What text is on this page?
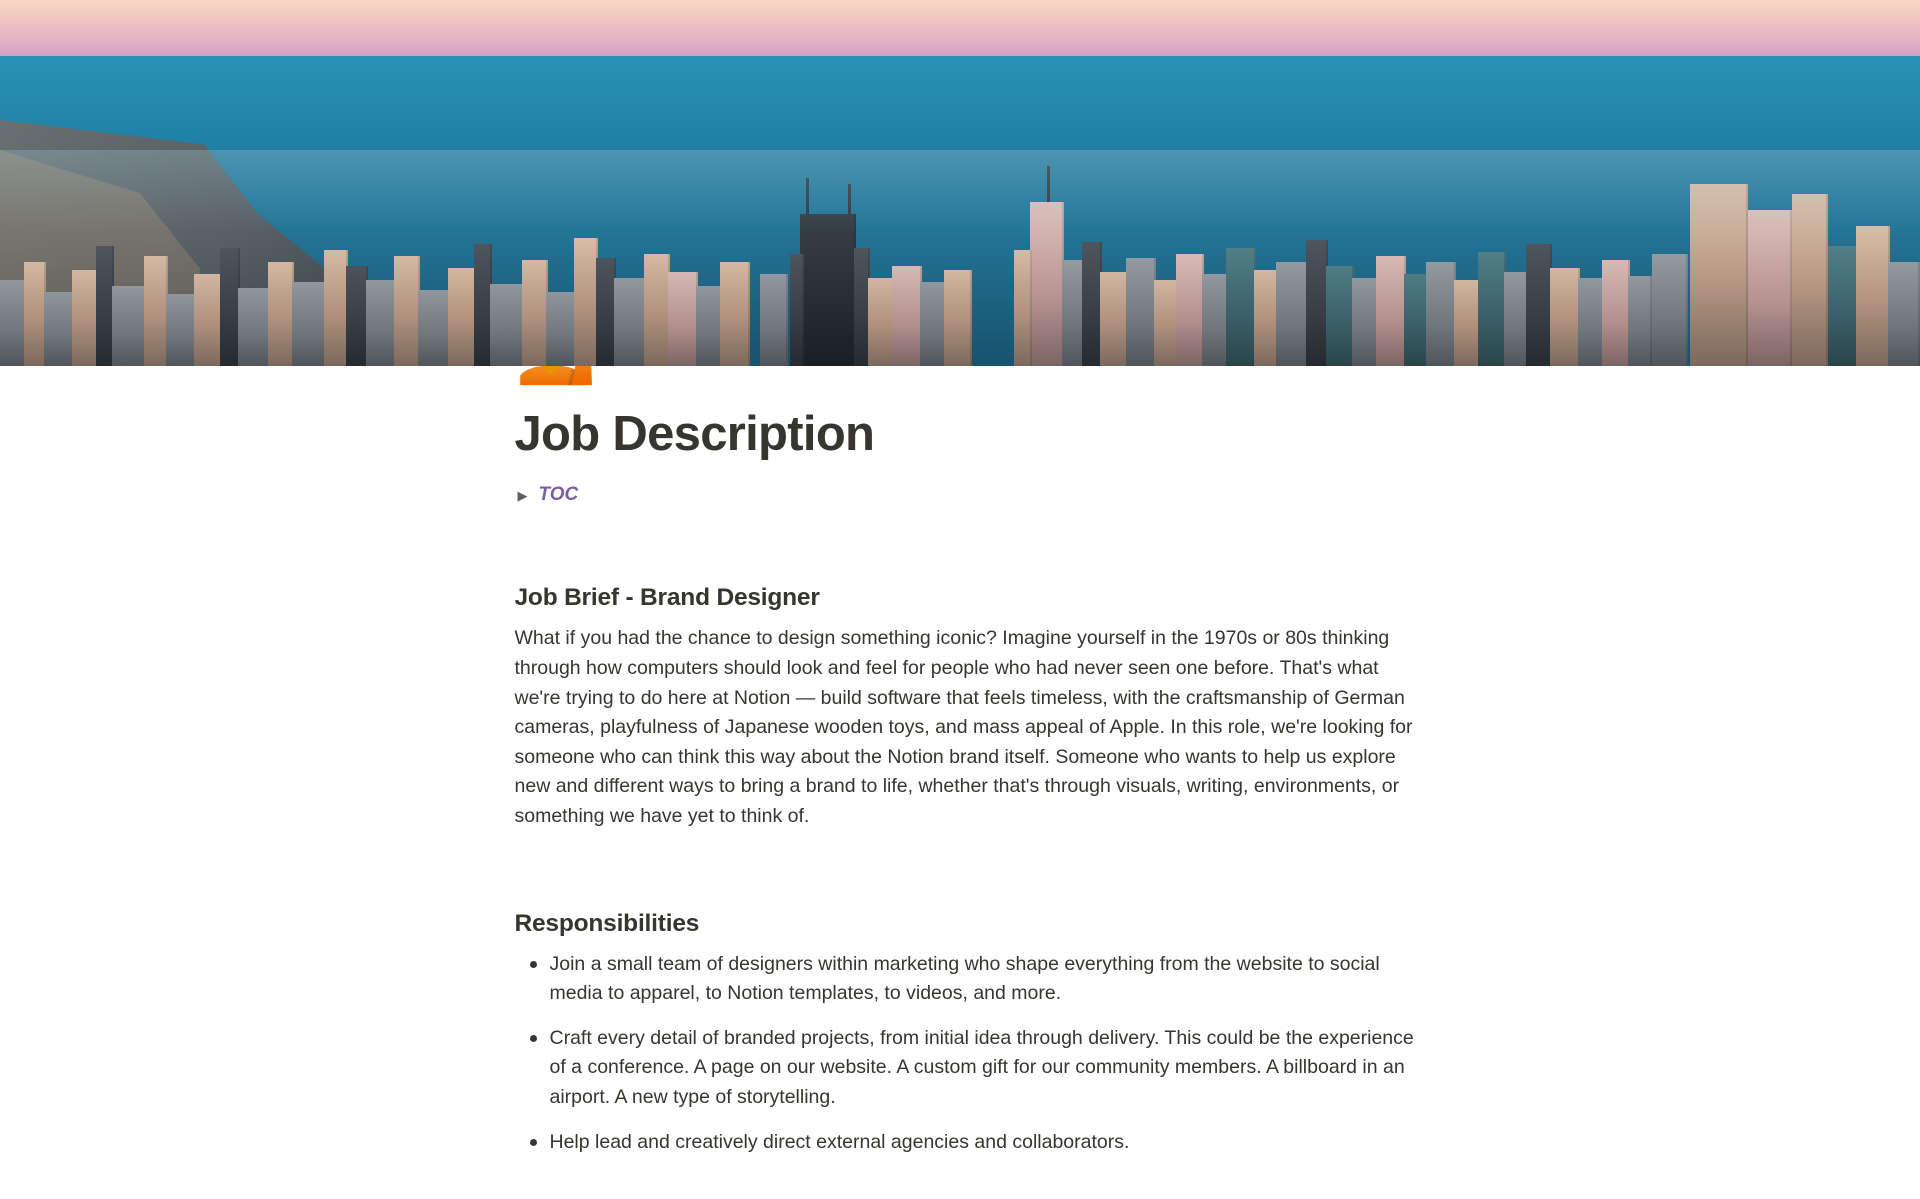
Job Description
▶ TOC
Job Brief - Brand Designer

What if you had the chance to design something iconic? Imagine yourself in the 1970s or 80s thinking through how computers should look and feel for people who had never seen one before. That's what we're trying to do here at Notion — build software that feels timeless, with the craftsmanship of German cameras, playfulness of Japanese wooden toys, and mass appeal of Apple. In this role, we're looking for someone who can think this way about the Notion brand itself. Someone who wants to help us explore new and different ways to bring a brand to life, whether that's through visuals, writing, environments, or something we have yet to think of.

Responsibilities
Join a small team of designers within marketing who shape everything from the website to social media to apparel, to Notion templates, to videos, and more.
Craft every detail of branded projects, from initial idea through delivery. This could be the experience of a conference. A page on our website. A custom gift for our community members. A billboard in an airport. A new type of storytelling.
Help lead and creatively direct external agencies and collaborators.
